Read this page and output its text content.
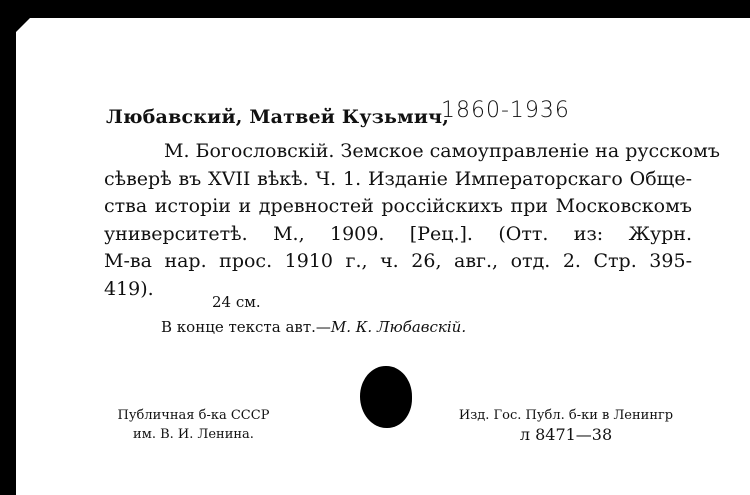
Любавский, Матвей Кузьмич,
1860-1936
М. Богословскій. Земское самоуправленіе на русскомъ
сѣверѣ въ XVII вѣкѣ. Ч. 1. Изданіе Императорскаго Обще-
ства исторіи и древностей россійскихъ при Московскомъ
университетѣ. М., 1909. [Рец.]. (Отт. из: Журн.
М-ва нар. прос. 1910 г., ч. 26, авг., отд. 2. Стр. 395-
419).
24 см.
В конце текста авт.—М. К. Любавскій.
Публичная б-ка СССР
им. В. И. Ленина.
Изд. Гос. Публ. б-ки в Ленингр
л 8471—38
